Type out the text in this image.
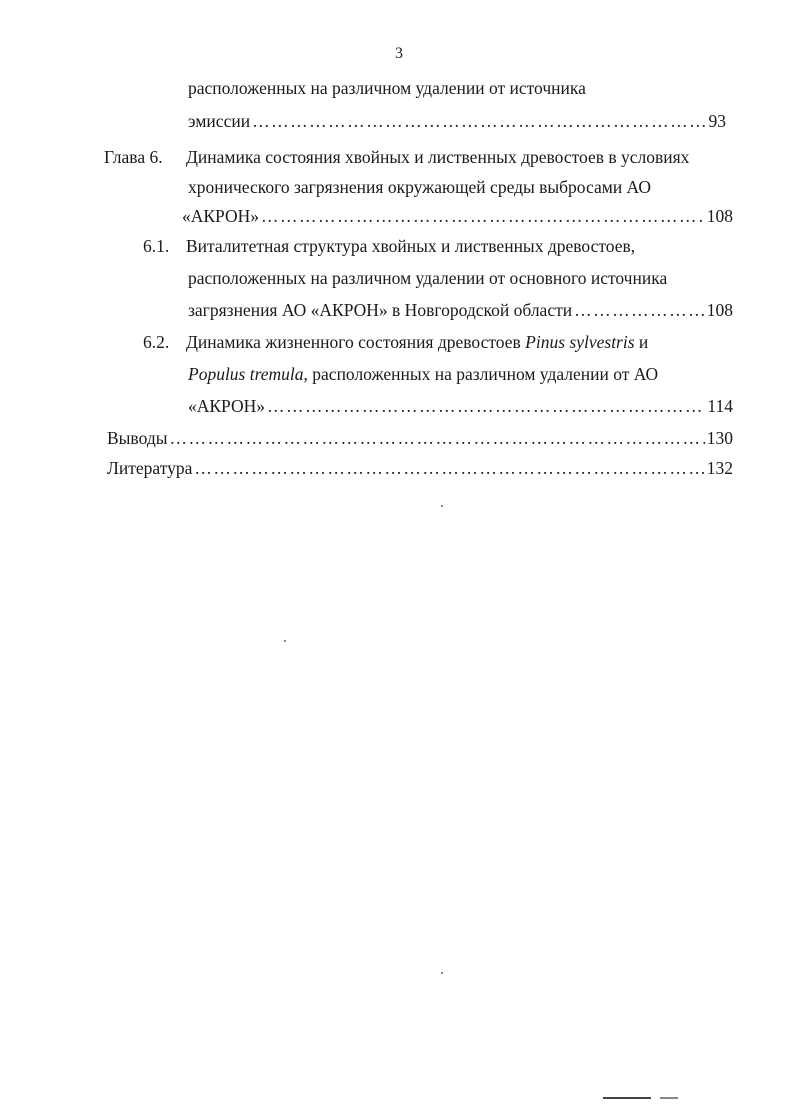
3
расположенных на различном удалении от источника
эмиссии ………………………………………………………………………………………………………………………………………………	93
Глава 6. Динамика состояния хвойных и лиственных древостоев в условиях
хронического загрязнения окружающей среды выбросами АО
«АКРОН» ………………………………………………………………………………………………………………………………………………	108
6.1. Виталитетная структура хвойных и лиственных древостоев,
расположенных на различном удалении от основного источника
загрязнения АО «АКРОН» в Новгородской области ………………………………………………………………………………………………………………………………………………	108
6.2. Динамика жизненного состояния древостоев Pinus sylvestris и
Populus tremula, расположенных на различном удалении от АО
«АКРОН» ………………………………………………………………………………………………………………………………………………	114
Выводы ………………………………………………………………………………………………………………………………………………	130
Литература ………………………………………………………………………………………………………………………………………………	132
